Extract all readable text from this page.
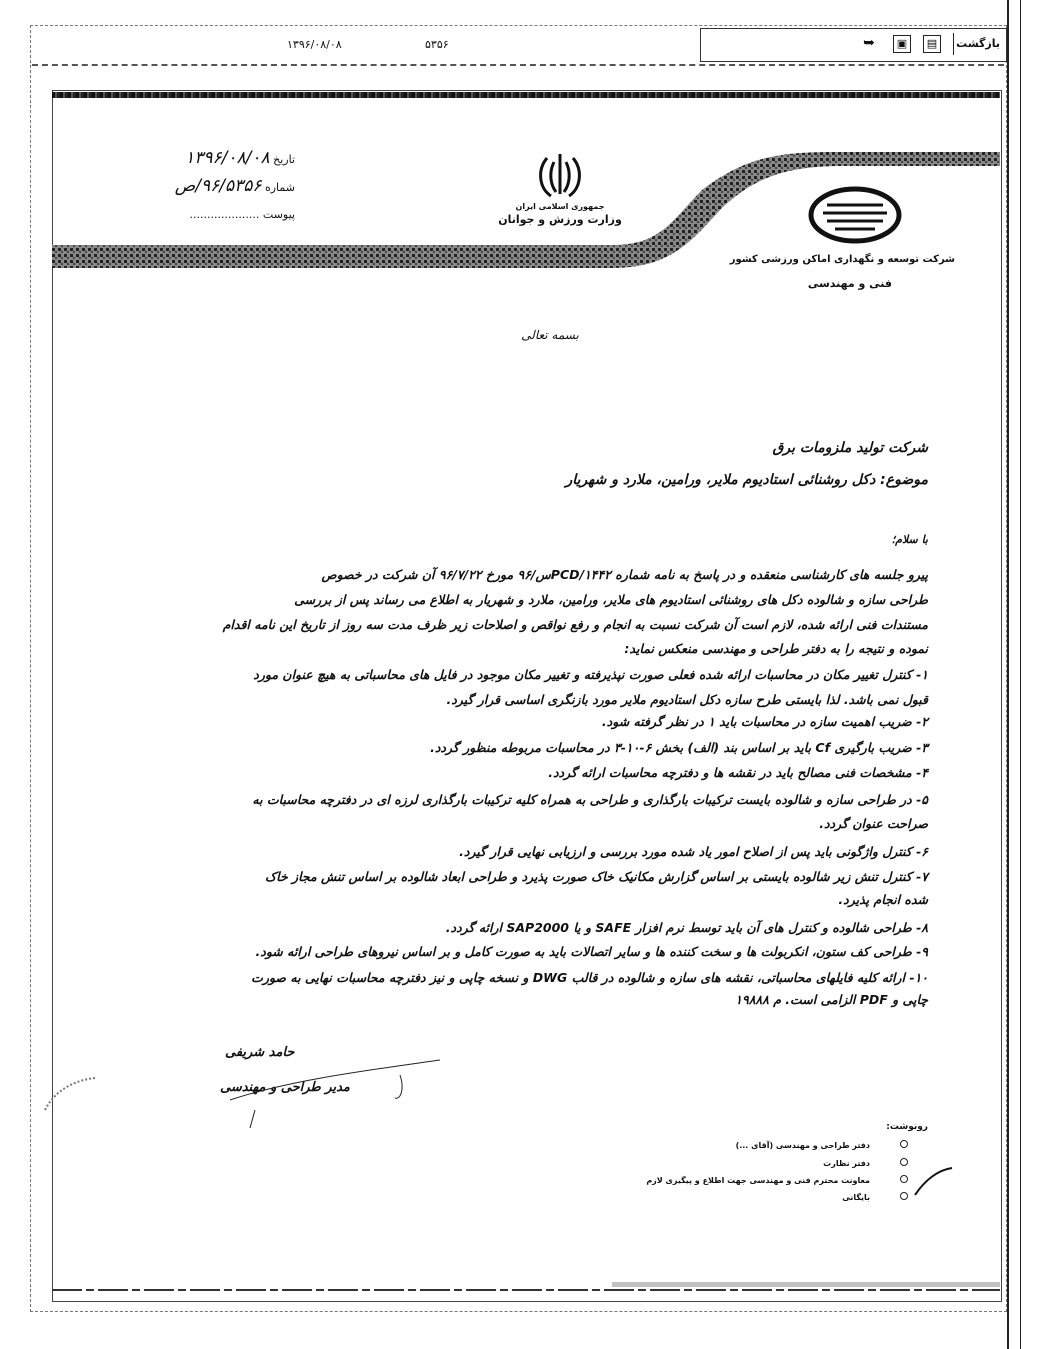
۱۳۹۶/۰۸/۰۸	۵۳۵۶	بازگشت
▤
▣
➥
تاریخ ۱۳۹۶/۰۸/۰۸
شماره ۹۶/۵۳۵۶/ص
پیوست ....................
جمهوری اسلامی ایران
وزارت ورزش و جوانان
شرکت توسعه و نگهداری اماکن ورزشی کشور
فنی و مهندسی
بسمه تعالی
شرکت تولید ملزومات برق
موضوع: دکل روشنائی استادیوم ملایر، ورامین، ملارد و شهریار
با سلام؛
پیرو جلسه های کارشناسی منعقده و در پاسخ به نامه شماره PCD/۱۴۴۲س/۹۶ مورخ ۹۶/۷/۲۲ آن شرکت در خصوص
طراحی سازه و شالوده دکل های روشنائی استادیوم های ملایر، ورامین، ملارد و شهریار به اطلاع می رساند پس از بررسی
مستندات فنی ارائه شده، لازم است آن شرکت نسبت به انجام و رفع نواقص و اصلاحات زیر ظرف مدت سه روز از تاریخ این نامه اقدام
نموده و نتیجه را به دفتر طراحی و مهندسی منعکس نماید:
۱- کنترل تغییر مکان در محاسبات ارائه شده فعلی صورت نپذیرفته و تغییر مکان موجود در فایل های محاسباتی به هیچ عنوان مورد
قبول نمی باشد. لذا بایستی طرح سازه دکل استادیوم ملایر مورد بازنگری اساسی قرار گیرد.
۲- ضریب اهمیت سازه در محاسبات باید ۱ در نظر گرفته شود.
۳- ضریب بارگیری Cf باید بر اساس بند (الف) بخش ۶-۱۰-۳ در محاسبات مربوطه منظور گردد.
۴- مشخصات فنی مصالح باید در نقشه ها و دفترچه محاسبات ارائه گردد.
۵- در طراحی سازه و شالوده بایست ترکیبات بارگذاری و طراحی به همراه کلیه ترکیبات بارگذاری لرزه ای در دفترچه محاسبات به
صراحت عنوان گردد.
۶- کنترل واژگونی باید پس از اصلاح امور یاد شده مورد بررسی و ارزیابی نهایی قرار گیرد.
۷- کنترل تنش زیر شالوده بایستی بر اساس گزارش مکانیک خاک صورت پذیرد و طراحی ابعاد شالوده بر اساس تنش مجاز خاک
شده انجام پذیرد.
۸- طراحی شالوده و کنترل های آن باید توسط نرم افزار SAFE و یا SAP2000 ارائه گردد.
۹- طراحی کف ستون، انکربولت ها و سخت کننده ها و سایر اتصالات باید به صورت کامل و بر اساس نیروهای طراحی ارائه شود.
۱۰- ارائه کلیه فایلهای محاسباتی، نقشه های سازه و شالوده در قالب DWG و نسخه چاپی و نیز دفترچه محاسبات نهایی به صورت
چاپی و PDF الزامی است. م ۱۹۸۸۸
حامد شریفی
مدیر طراحی و مهندسی
رونوشت:
دفتر طراحی و مهندسی (آقای ...)
دفتر نظارت
معاونت محترم فنی و مهندسی جهت اطلاع و پیگیری لازم
بایگانی
